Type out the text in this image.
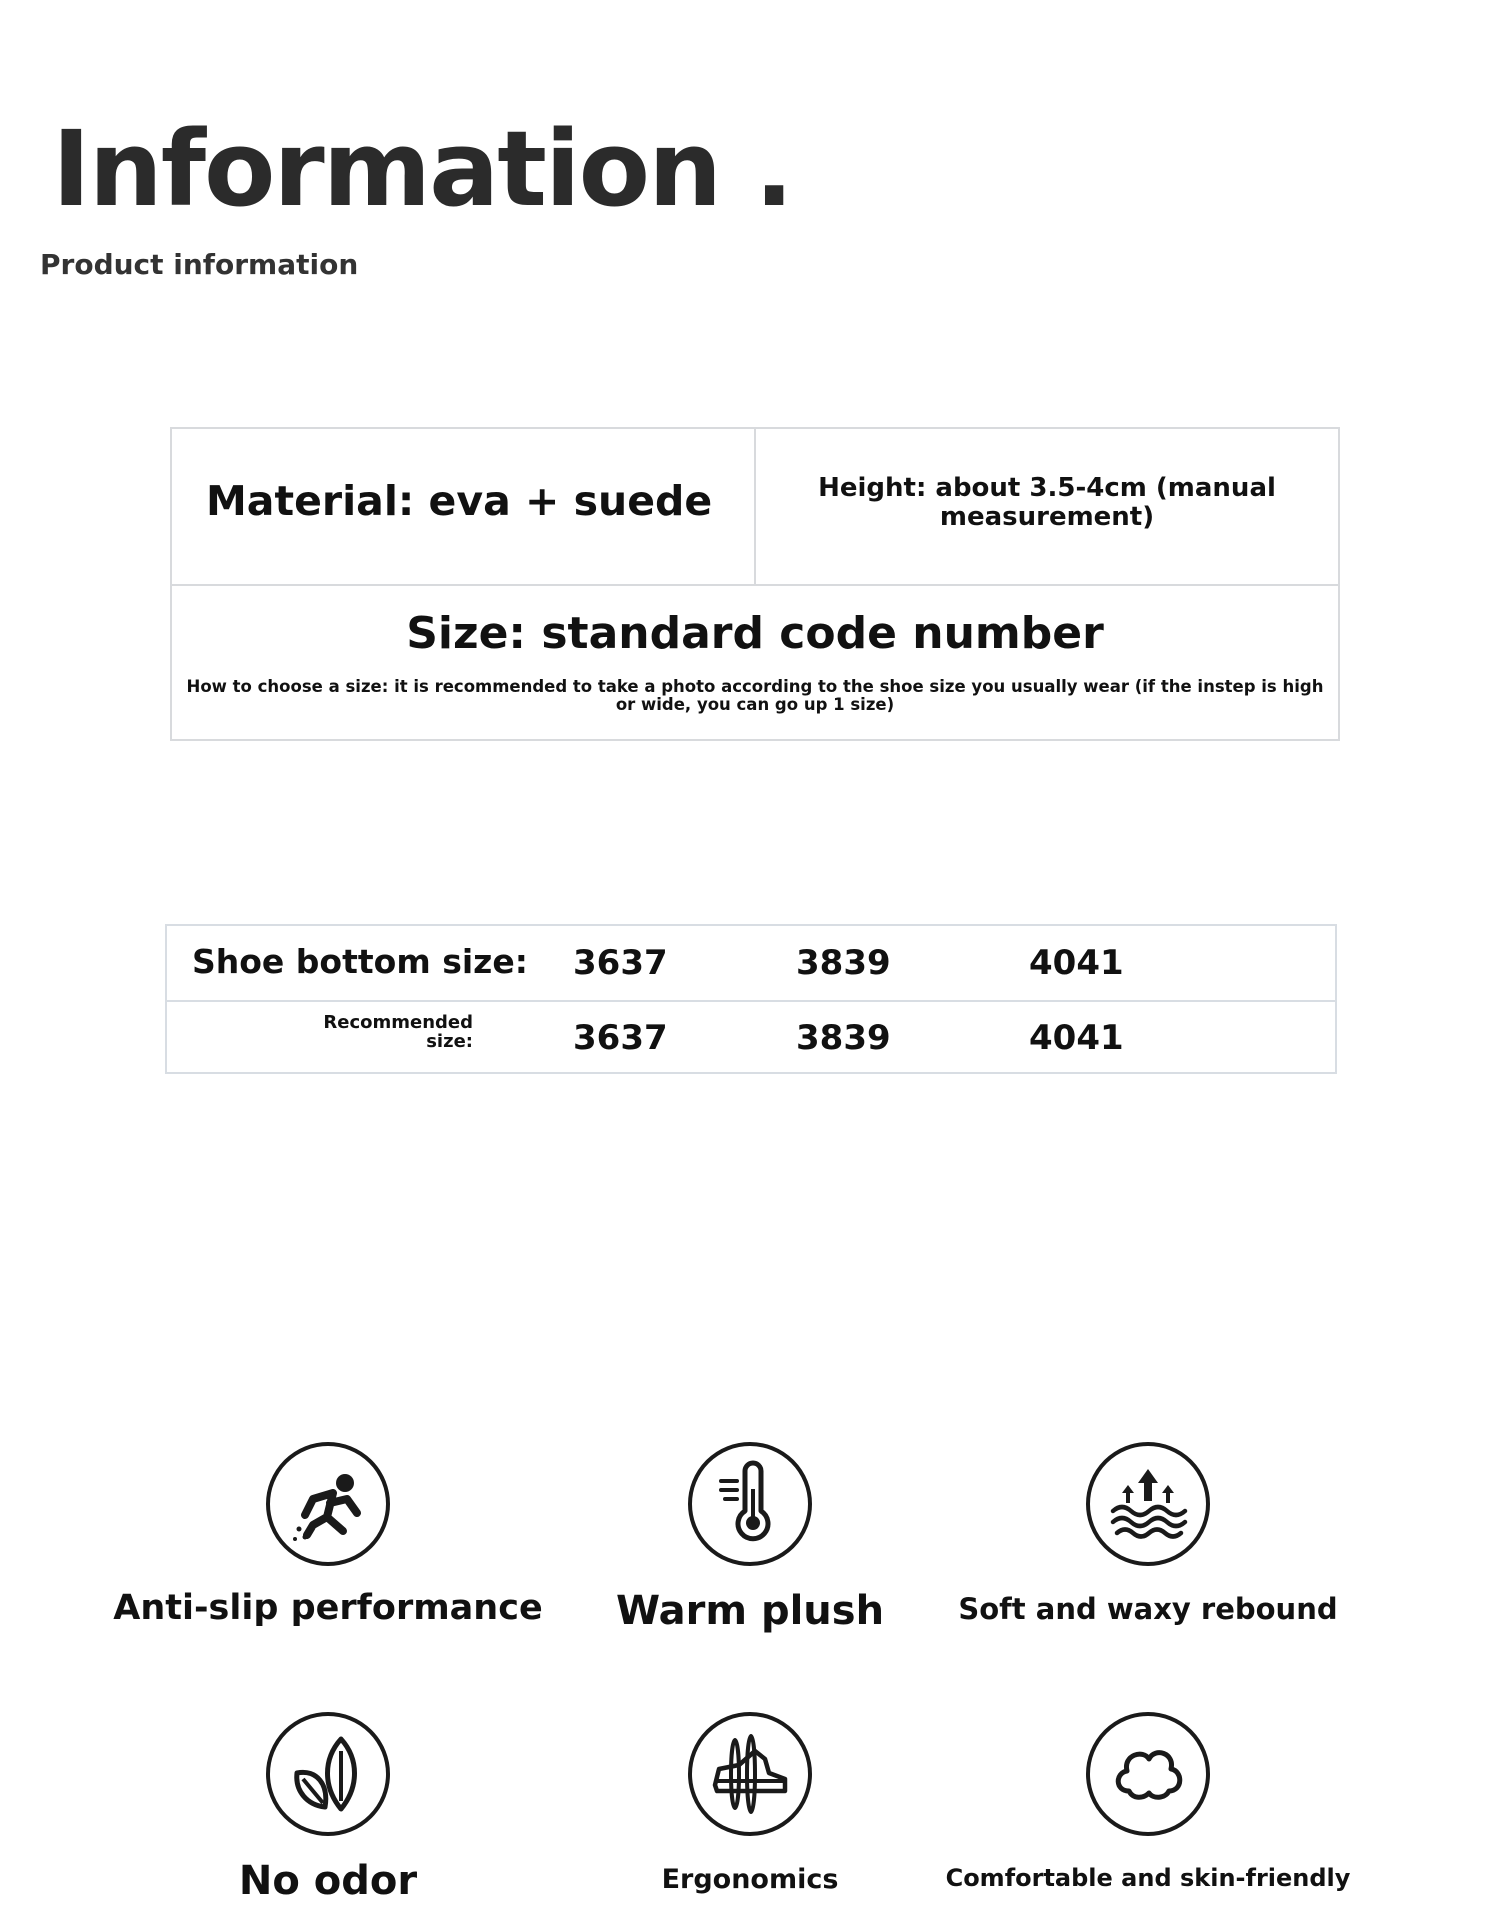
Information .
Product information

Material: eva + suede	Height: about 3.5-4cm (manual measurement)

Size: standard code number

How to choose a size: it is recommended to take a photo according to the shoe size you usually wear (if the instep is high or wide, you can go up 1 size)

Shoe bottom size: 3637	3839	4041

Recommended size:	3637	3839	4041

Anti-slip performance	Warm plush	Soft and waxy rebound

No odor	Ergonomics	Comfortable and skin-friendly
